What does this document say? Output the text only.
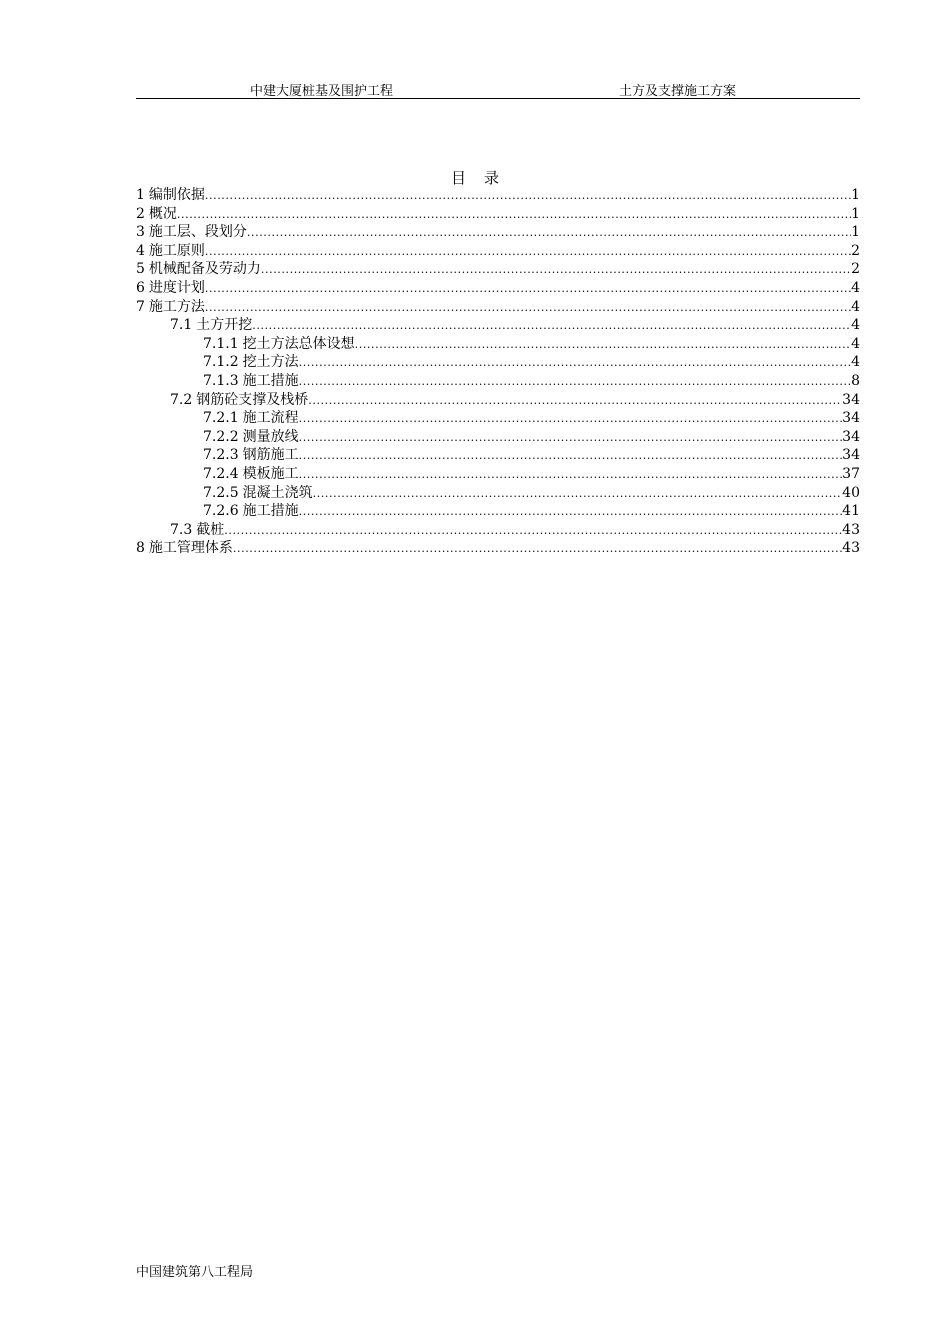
中建大厦桩基及围护工程	土方及支撑施工方案
目 录
1 编制依据 .....	1
2 概况 .....	1
3 施工层、段划分 .....	1
4 施工原则 .....	2
5 机械配备及劳动力 .....	2
6 进度计划 .....	4
7 施工方法 .....	4
7.1 土方开挖 .....	4
7.1.1 挖土方法总体设想 .....	4
7.1.2 挖土方法 .....	4
7.1.3 施工措施 .....	8
7.2 钢筋砼支撑及栈桥 .....	34
7.2.1 施工流程 .....	34
7.2.2 测量放线 .....	34
7.2.3 钢筋施工 .....	34
7.2.4 模板施工 .....	37
7.2.5 混凝土浇筑 .....	40
7.2.6 施工措施 .....	41
7.3 截桩 .....	43
8 施工管理体系 .....	43
中国建筑第八工程局
